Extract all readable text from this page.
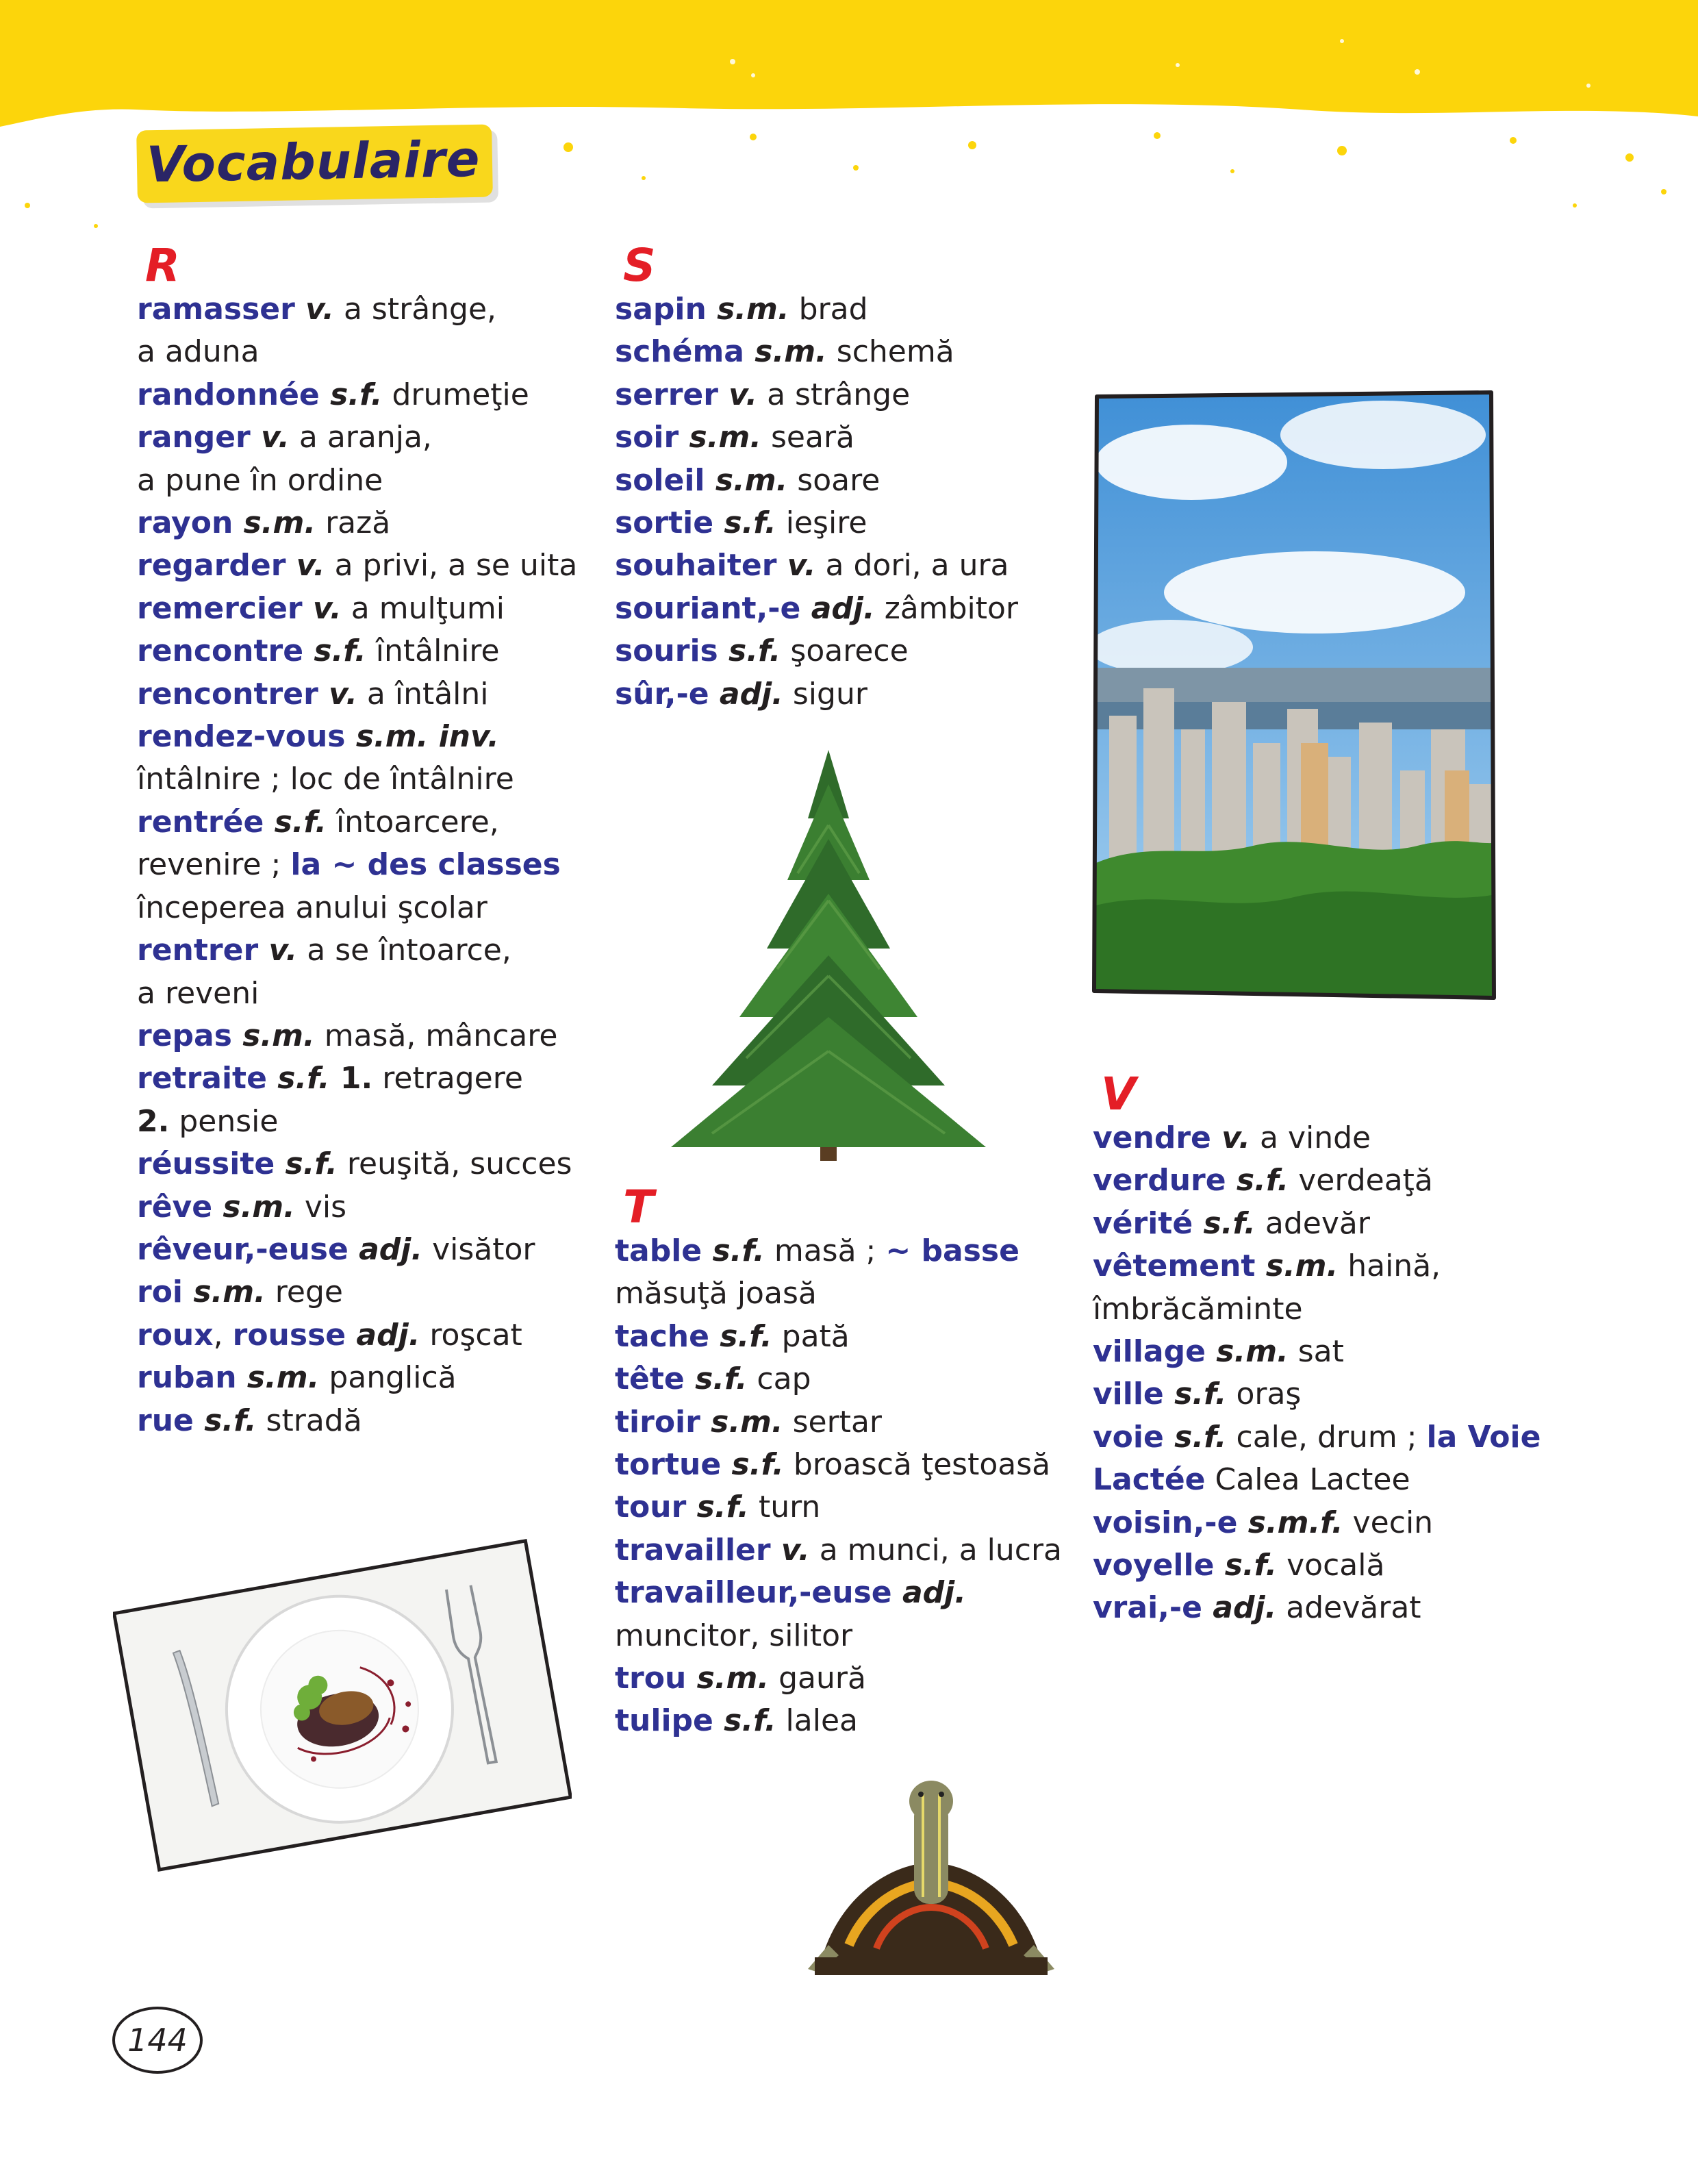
Vocabulaire
R
ramasser v. a strânge,
a aduna
randonnée s.f. drumeţie
ranger v. a aranja,
a pune în ordine
rayon s.m. rază
regarder v. a privi, a se uita
remercier v. a mulţumi
rencontre s.f. întâlnire
rencontrer v. a întâlni
rendez-vous s.m. inv.
întâlnire ; loc de întâlnire
rentrée s.f. întoarcere,
revenire ; la ~ des classes
începerea anului şcolar
rentrer v. a se întoarce,
a reveni
repas s.m. masă, mâncare
retraite s.f. 1. retragere
2. pensie
réussite s.f. reuşită, succes
rêve s.m. vis
rêveur,-euse adj. visător
roi s.m. rege
roux, rousse adj. roşcat
ruban s.m. panglică
rue s.f. stradă
S
sapin s.m. brad
schéma s.m. schemă
serrer v. a strânge
soir s.m. seară
soleil s.m. soare
sortie s.f. ieşire
souhaiter v. a dori, a ura
souriant,-e adj. zâmbitor
souris s.f. şoarece
sûr,-e adj. sigur
T
table s.f. masă ; ~ basse
măsuţă joasă
tache s.f. pată
tête s.f. cap
tiroir s.m. sertar
tortue s.f. broască ţestoasă
tour s.f. turn
travailler v. a munci, a lucra
travailleur,-euse adj.
muncitor, silitor
trou s.m. gaură
tulipe s.f. lalea
V
vendre v. a vinde
verdure s.f. verdeaţă
vérité s.f. adevăr
vêtement s.m. haină,
îmbrăcăminte
village s.m. sat
ville s.f. oraş
voie s.f. cale, drum ; la Voie
Lactée Calea Lactee
voisin,-e s.m.f. vecin
voyelle s.f. vocală
vrai,-e adj. adevărat
144
